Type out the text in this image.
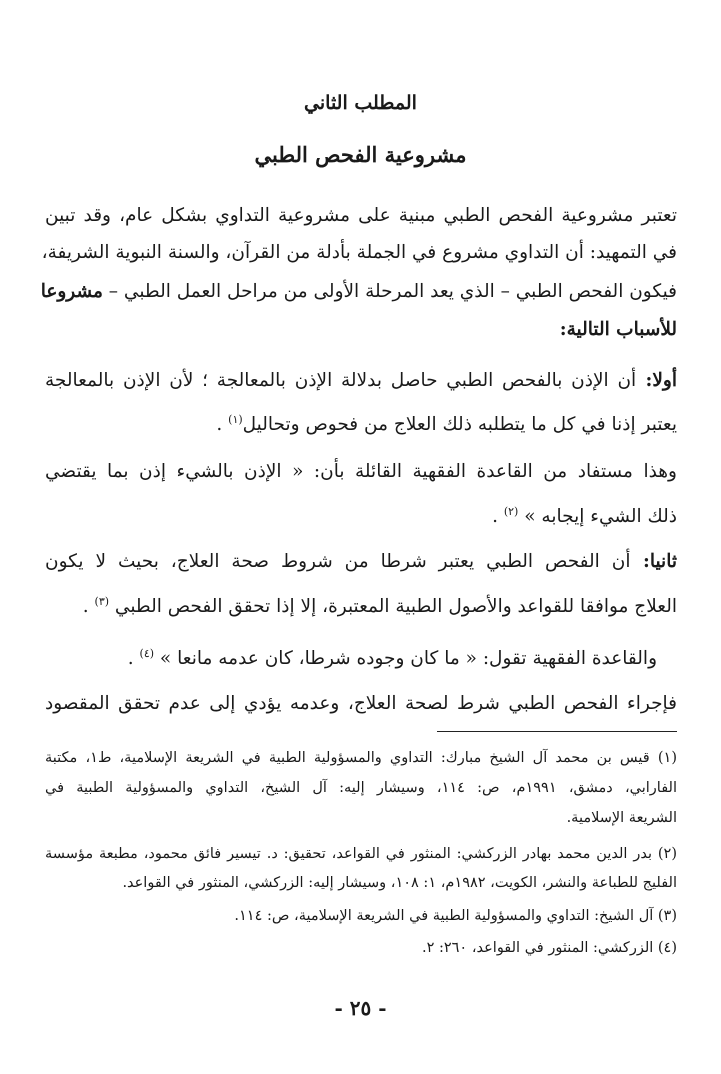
المطلب الثاني
مشروعية الفحص الطبي
تعتبر مشروعية الفحص الطبي مبنية على مشروعية التداوي بشكل عام، وقد تبين
في التمهيد: أن التداوي مشروع في الجملة بأدلة من القرآن، والسنة النبوية الشريفة،
فيكون الفحص الطبي – الذي يعد المرحلة الأولى من مراحل العمل الطبي – مشروعا
للأسباب التالية:
أولا: أن الإذن بالفحص الطبي حاصل بدلالة الإذن بالمعالجة ؛ لأن الإذن بالمعالجة
يعتبر إذنا في كل ما يتطلبه ذلك العلاج من فحوص وتحاليل$^{(١)}$ .
وهذا مستفاد من القاعدة الفقهية القائلة بأن: « الإذن بالشيء إذن بما يقتضي
ذلك الشيء إيجابه » $^{(٢)}$ .
ثانيا: أن الفحص الطبي يعتبر شرطا من شروط صحة العلاج، بحيث لا يكون
العلاج موافقا للقواعد والأصول الطبية المعتبرة، إلا إذا تحقق الفحص الطبي $^{(٣)}$ .
والقاعدة الفقهية تقول: « ما كان وجوده شرطا، كان عدمه مانعا » $^{(٤)}$ .
فإجراء الفحص الطبي شرط لصحة العلاج، وعدمه يؤدي إلى عدم تحقق المقصود
(١) قيس بن محمد آل الشيخ مبارك: التداوي والمسؤولية الطبية في الشريعة الإسلامية، ط١، مكتبة
الفارابي، دمشق، ١٩٩١م، ص: ١١٤، وسيشار إليه: آل الشيخ، التداوي والمسؤولية الطبية في
الشريعة الإسلامية.
(٢) بدر الدين محمد بهادر الزركشي: المنثور في القواعد، تحقيق: د. تيسير فائق محمود، مطبعة مؤسسة
الفليج للطباعة والنشر، الكويت، ١٩٨٢م، ١: ١٠٨، وسيشار إليه: الزركشي، المنثور في القواعد.
(٣) آل الشيخ: التداوي والمسؤولية الطبية في الشريعة الإسلامية، ص: ١١٤.
(٤) الزركشي: المنثور في القواعد، ٢٦٠: ٢.
- ٢٥ -
